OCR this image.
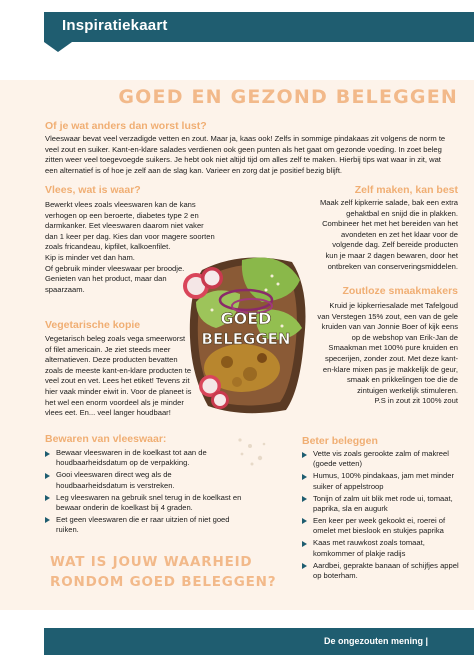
Inspiratiekaart
GOED EN GEZOND BELEGGEN
Of je wat anders dan worst lust?
Vleeswaar bevat veel verzadigde vetten en zout. Maar ja, kaas ook! Zelfs in sommige pindakaas zit volgens de norm te
veel zout en suiker. Kant-en-klare salades verdienen ook geen punten als het gaat om gezonde voeding. In zoet beleg
zitten weer veel toegevoegde suikers. Je hebt ook niet altijd tijd om alles zelf te maken. Hierbij tips wat waar in zit, wat
een alternatief is of hoe je zelf aan de slag kan. Varieer en zorg dat je positief bezig blijft.
Vlees, wat is waar?
Bewerkt vlees zoals vleeswaren kan de kans
verhogen op een beroerte, diabetes type 2 en
darmkanker. Eet vleeswaren daarom niet vaker
dan 1 keer per dag. Kies dan voor magere soorten
zoals fricandeau, kipfilet, kalkoenfilet.
Kip is minder vet dan ham.
Of gebruik minder vleeswaar per broodje.
Genieten van het product, maar dan
spaarzaam.
Zelf maken, kan best
Maak zelf kipkerrie salade, bak een extra
gehaktbal en snijd die in plakken.
Combineer het met het bereiden van het
avondeten en zet het klaar voor de
volgende dag. Zelf bereide producten
kun je maar 2 dagen bewaren, door het
ontbreken van conserveringsmiddelen.
Vegetarische kopie
Vegetarisch beleg zoals vega smeerworst
of filet americain. Je ziet steeds meer
alternatieven. Deze producten bevatten
zoals de meeste kant-en-klare producten te
veel zout en vet. Lees het etiket! Tevens zit
hier vaak minder eiwit in. Voor de planeet is
het wel een enorm voordeel als je minder
vlees eet. En... veel langer houdbaar!
Zoutloze smaakmakers
Kruid je kipkerriesalade met Tafelgoud
van Verstegen 15% zout, een van de gele
kruiden van van Jonnie Boer of kijk eens
op de webshop van Erik-Jan de
Smaakman met 100% pure kruiden en
specerijen, zonder zout. Met deze kant-
en-klare mixen pas je makkelijk de geur,
smaak en prikkelingen toe die de
zintuigen werkelijk stimuleren.
P.S in zout zit 100% zout
GOED
BELEGGEN
Bewaren van vleeswaar:
Bewaar vleeswaren in de koelkast tot aan de houdbaarheidsdatum op de verpakking.
Gooi vleeswaren direct weg als de houdbaarheidsdatum is verstreken.
Leg vleeswaren na gebruik snel terug in de koelkast en bewaar onderin de koelkast bij 4 graden.
Eet geen vleeswaren die er raar uitzien of niet goed ruiken.
Beter beleggen
Vette vis zoals gerookte zalm of makreel (goede vetten)
Humus, 100% pindakaas, jam met minder suiker of appelstroop
Tonijn of zalm uit blik met rode ui, tomaat, paprika, sla en augurk
Een keer per week gekookt ei, roerei of omelet met bieslook en stukjes paprika
Kaas met rauwkost zoals tomaat, komkommer of plakje radijs
Aardbei, geprakte banaan of schijfjes appel op boterham.
WAT IS JOUW WAARHEID
RONDOM GOED BELEGGEN?
De ongezouten mening |
